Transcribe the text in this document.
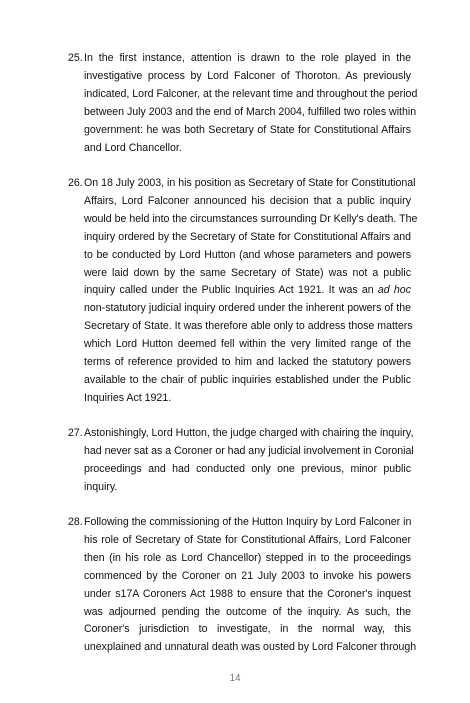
25. In the first instance, attention is drawn to the role played in the
investigative process by Lord Falconer of Thoroton. As previously
indicated, Lord Falconer, at the relevant time and throughout the period
between July 2003 and the end of March 2004, fulfilled two roles within
government: he was both Secretary of State for Constitutional Affairs
and Lord Chancellor.
26. On 18 July 2003, in his position as Secretary of State for Constitutional
Affairs, Lord Falconer announced his decision that a public inquiry
would be held into the circumstances surrounding Dr Kelly's death. The
inquiry ordered by the Secretary of State for Constitutional Affairs and
to be conducted by Lord Hutton (and whose parameters and powers
were laid down by the same Secretary of State) was not a public
inquiry called under the Public Inquiries Act 1921. It was an ad hoc
non-statutory judicial inquiry ordered under the inherent powers of the
Secretary of State. It was therefore able only to address those matters
which Lord Hutton deemed fell within the very limited range of the
terms of reference provided to him and lacked the statutory powers
available to the chair of public inquiries established under the Public
Inquiries Act 1921.
27. Astonishingly, Lord Hutton, the judge charged with chairing the inquiry,
had never sat as a Coroner or had any judicial involvement in Coronial
proceedings and had conducted only one previous, minor public
inquiry.
28. Following the commissioning of the Hutton Inquiry by Lord Falconer in
his role of Secretary of State for Constitutional Affairs, Lord Falconer
then (in his role as Lord Chancellor) stepped in to the proceedings
commenced by the Coroner on 21 July 2003 to invoke his powers
under s17A Coroners Act 1988 to ensure that the Coroner's inquest
was adjourned pending the outcome of the inquiry. As such, the
Coroner's jurisdiction to investigate, in the normal way, this
unexplained and unnatural death was ousted by Lord Falconer through
14
